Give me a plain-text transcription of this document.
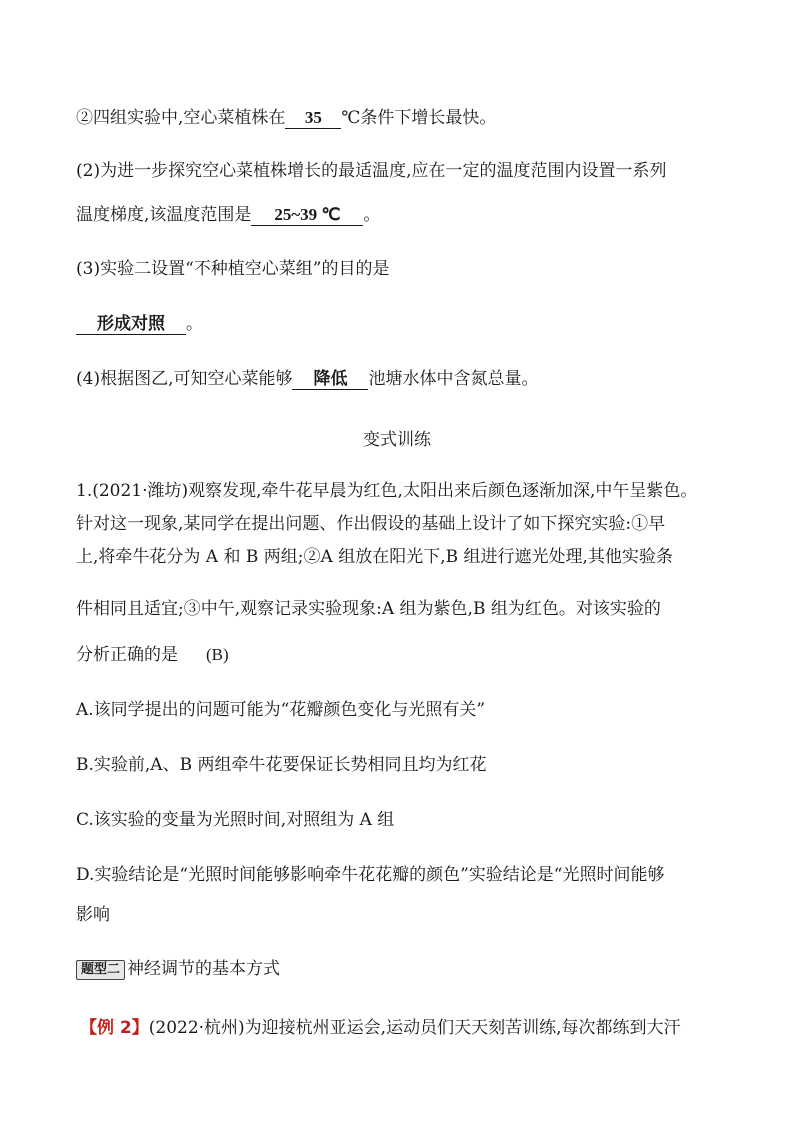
②四组实验中,空心菜植株在 35 ℃条件下增长最快。
(2)为进一步探究空心菜植株增长的最适温度,应在一定的温度范围内设置一系列
温度梯度,该温度范围是 25~39 ℃ 。
(3)实验二设置“不种植空心菜组”的目的是
形成对照 。
(4)根据图乙,可知空心菜能够 降低 池塘水体中含氮总量。
变式训练
1.(2021·潍坊)观察发现,牵牛花早晨为红色,太阳出来后颜色逐渐加深,中午呈紫色。
针对这一现象,某同学在提出问题、作出假设的基础上设计了如下探究实验:①早
上,将牵牛花分为 A 和 B 两组;②A 组放在阳光下,B 组进行遮光处理,其他实验条
件相同且适宜;③中午,观察记录实验现象:A 组为紫色,B 组为红色。对该实验的
分析正确的是 (B)
A.该同学提出的问题可能为“花瓣颜色变化与光照有关”
B.实验前,A、B 两组牵牛花要保证长势相同且均为红花
C.该实验的变量为光照时间,对照组为 A 组
D.实验结论是“光照时间能够影响牵牛花花瓣的颜色”实验结论是“光照时间能够
影响
题型二 神经调节的基本方式
【例 2】(2022·杭州)为迎接杭州亚运会,运动员们天天刻苦训练,每次都练到大汗
